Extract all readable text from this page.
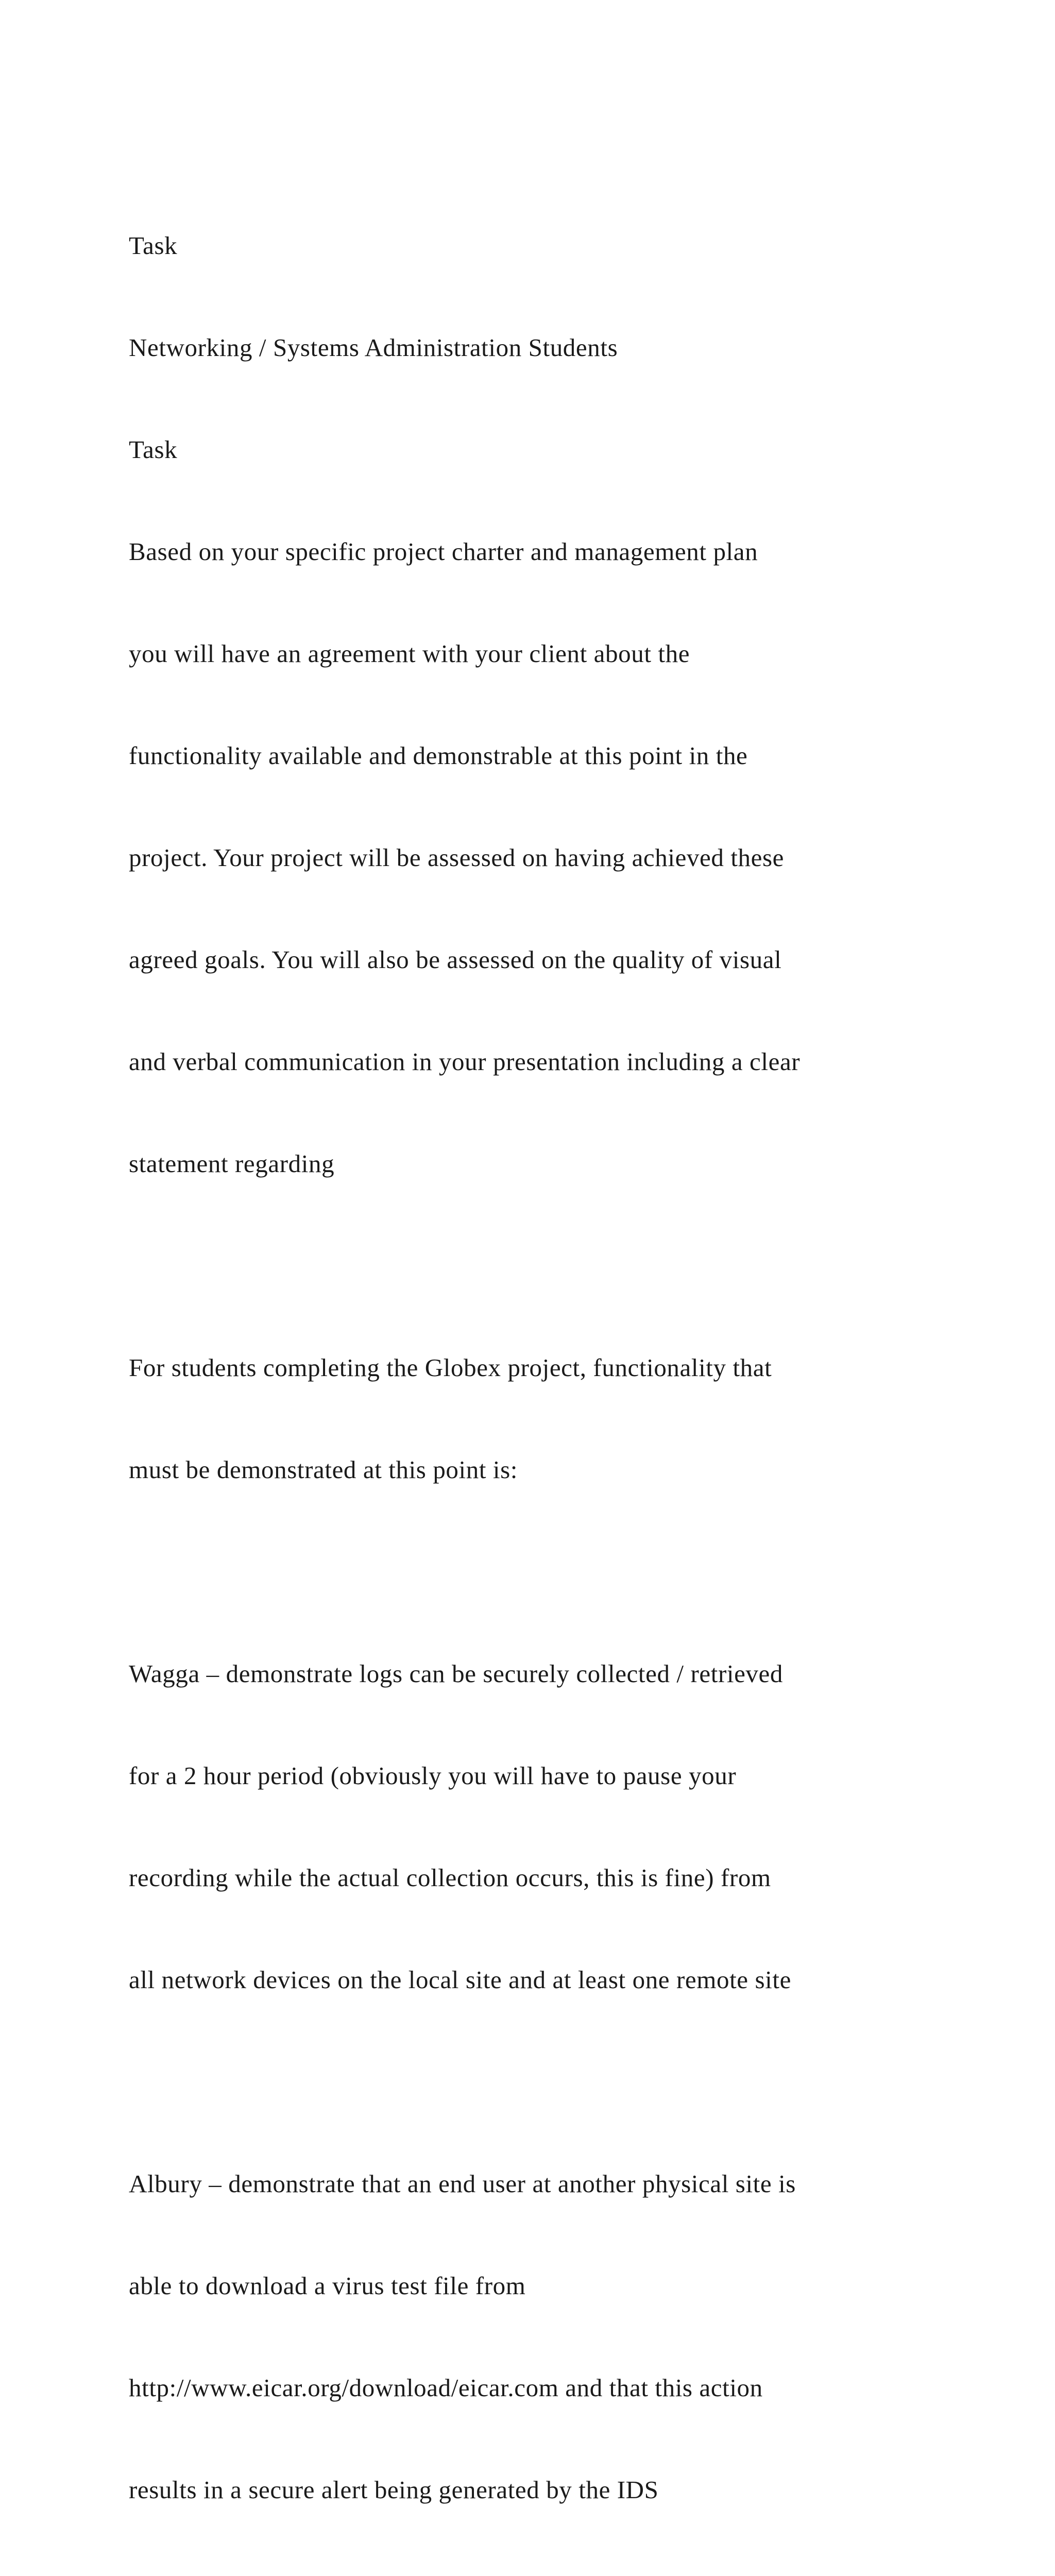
Task

Networking / Systems Administration Students

Task

Based on your specific project charter and management plan

you will have an agreement with your client about the

functionality available and demonstrable at this point in the

project. Your project will be assessed on having achieved these

agreed goals. You will also be assessed on the quality of visual

and verbal communication in your presentation including a clear

statement regarding

For students completing the Globex project, functionality that

must be demonstrated at this point is:

Wagga – demonstrate logs can be securely collected / retrieved

for a 2 hour period (obviously you will have to pause your

recording while the actual collection occurs, this is fine) from

all network devices on the local site and at least one remote site

Albury – demonstrate that an end user at another physical site is

able to download a virus test file from

http://www.eicar.org/download/eicar.com and that this action

results in a secure alert being generated by the IDS
